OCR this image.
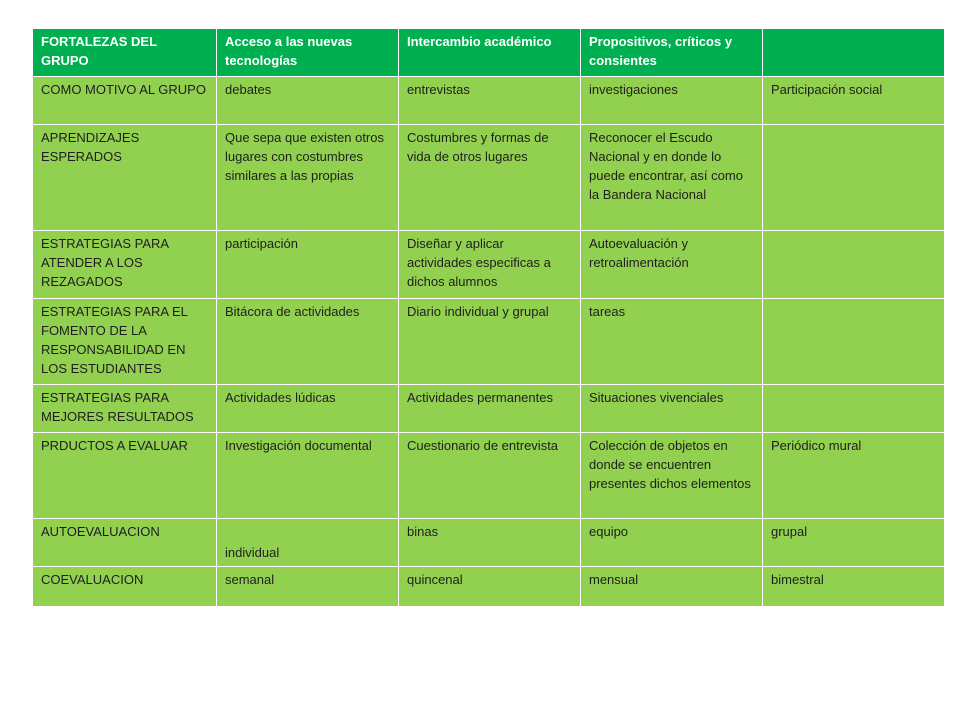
FORTALEZAS DEL GRUPO	Acceso a las nuevas tecnologías	Intercambio académico	Propositivos, críticos y consientes	
COMO MOTIVO AL GRUPO	debates	entrevistas	investigaciones	Participación social
APRENDIZAJES ESPERADOS	Que sepa que existen otros lugares con costumbres similares a las propias	Costumbres y formas de vida de otros lugares	Reconocer el Escudo Nacional y en donde lo puede encontrar, así como la Bandera Nacional	
ESTRATEGIAS PARA ATENDER A LOS REZAGADOS	participación	Diseñar y aplicar actividades especificas a dichos alumnos	Autoevaluación y retroalimentación	
ESTRATEGIAS PARA EL FOMENTO DE LA RESPONSABILIDAD EN LOS ESTUDIANTES	Bitácora de actividades	Diario individual y grupal	tareas	
ESTRATEGIAS PARA MEJORES RESULTADOS	Actividades lúdicas	Actividades permanentes	Situaciones vivenciales	
PRDUCTOS A EVALUAR	Investigación documental	Cuestionario de entrevista	Colección de objetos en donde se encuentren presentes dichos elementos	Periódico mural
AUTOEVALUACION	individual	binas	equipo	grupal
COEVALUACION	semanal	quincenal	mensual	bimestral
